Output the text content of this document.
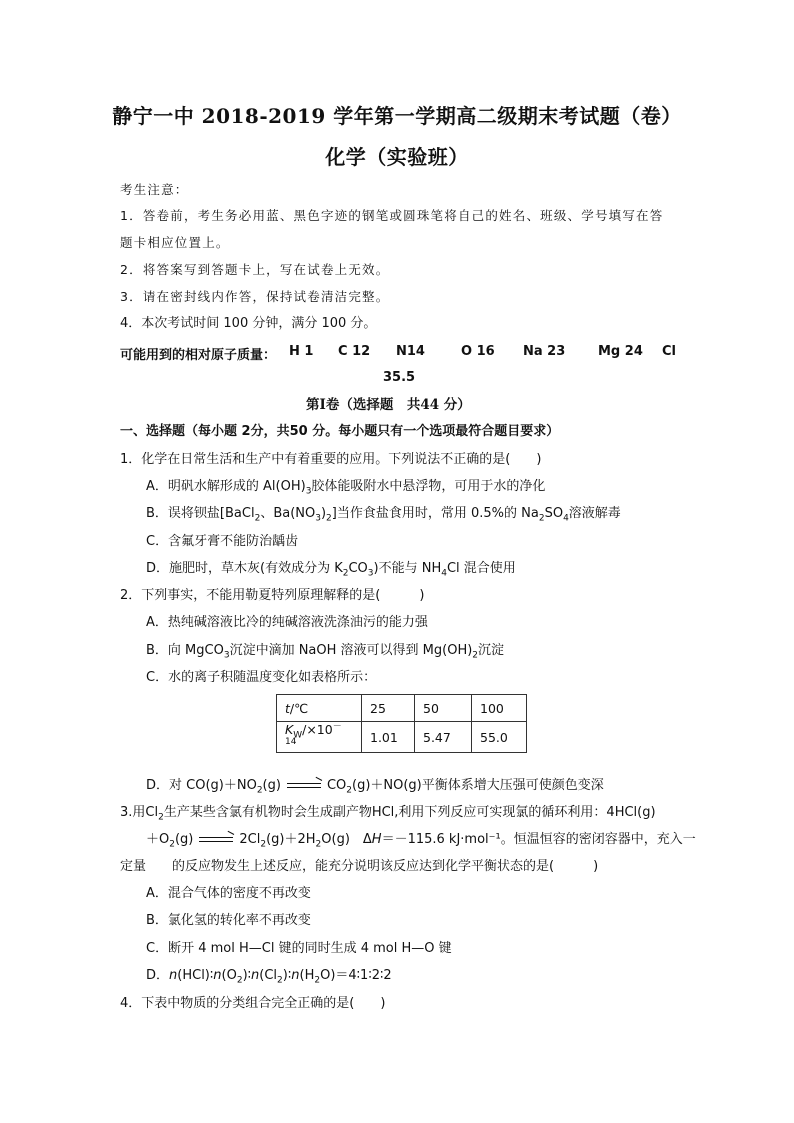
静宁一中 2018-2019 学年第一学期高二级期末考试题（卷）
化学（实验班）
考生注意：
1．答卷前，考生务必用蓝、黑色字迹的钢笔或圆珠笔将自己的姓名、班级、学号填写在答
题卡相应位置上。
2．将答案写到答题卡上，写在试卷上无效。
3．请在密封线内作答，保持试卷清洁完整。
4．本次考试时间 100 分钟，满分 100 分。
可能用到的相对原子质量： H 1 C 12 N14	O 16 Na 23	Mg 24 Cl
35.5
第Ⅰ卷（选择题　共44 分）
一、选择题（每小题 2分，共50 分。每小题只有一个选项最符合题目要求）
1．化学在日常生活和生产中有着重要的应用。下列说法不正确的是(　　)
A．明矾水解形成的 $Al(OH)_3$胶体能吸附水中悬浮物，可用于水的净化
B．误将钡盐[BaCl$_2$、$Ba(NO_3)_2$]当作食盐食用时，常用 0.5%的 $Na_2SO_4$溶液解毒
C．含氟牙膏不能防治龋齿
D．施肥时，草木灰(有效成分为 $K_2CO_3$)不能与 $NH_4Cl$ 混合使用
2．下列事实，不能用勒夏特列原理解释的是(　　　)
A．热纯碱溶液比冷的纯碱溶液洗涤油污的能力强
B．向 MgCO$_3$沉淀中滴加 NaOH 溶液可以得到 $Mg(OH)_2$沉淀
C．水的离子积随温度变化如表格所示：
t/℃	25	50	100
$K_W/\times 10^{-14}$	1.01	5.47	55.0
D．对 $CO(g)+NO_2(g) \to CO_2(g)+NO(g)$平衡体系增大压强可使颜色变深
3.用$Cl_2$生产某些含氯有机物时会生成副产物HCl,利用下列反应可实现氯的循环利用：4HCl(g)
$+O_2(g) \to 2Cl_2(g)+2H_2O(g)$　ΔH＝－115.6 kJ·mol⁻¹。恒温恒容的密闭容器中，充入一
定量　　的反应物发生上述反应，能充分说明该反应达到化学平衡状态的是(　　　)
A．混合气体的密度不再改变
B．氯化氢的转化率不再改变
C．断开 4 mol H—Cl 键的同时生成 4 mol H—O 键
D．$n(HCl)∶n(O_2)∶n(Cl_2)∶n(H_2O)=4∶1∶2∶2$
4．下表中物质的分类组合完全正确的是(　　)
